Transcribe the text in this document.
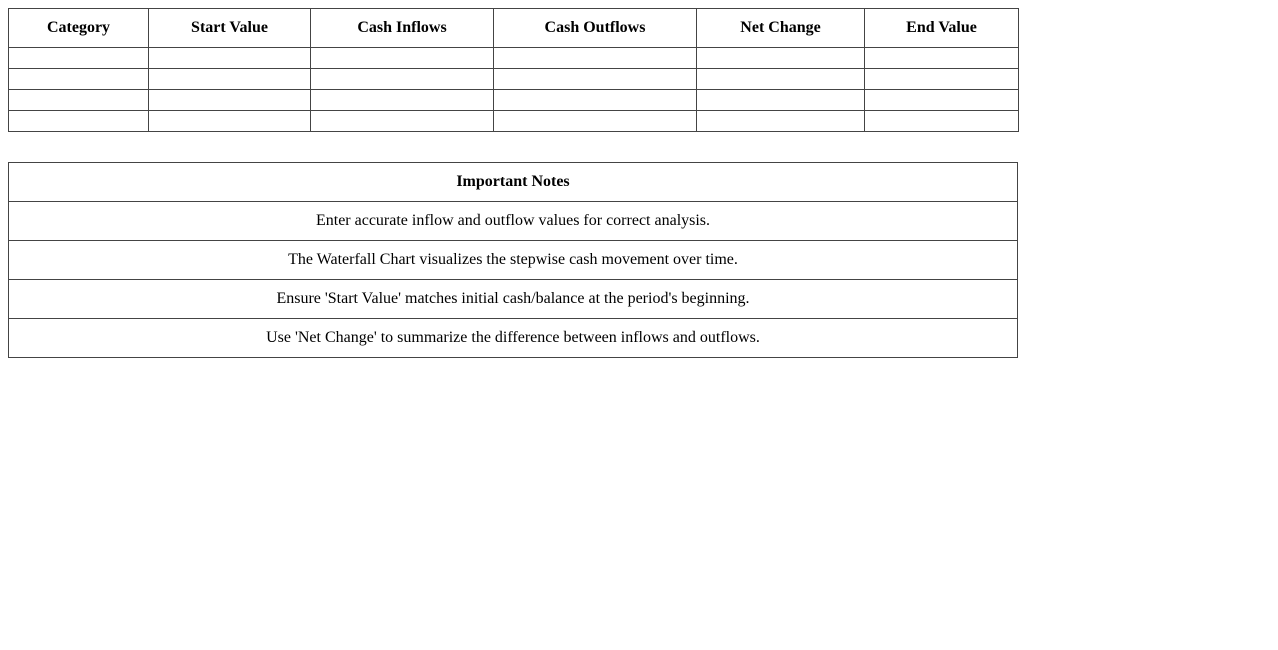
Category	Start Value	Cash Inflows	Cash Outflows	Net Change	End Value

Important Notes
Enter accurate inflow and outflow values for correct analysis.
The Waterfall Chart visualizes the stepwise cash movement over time.
Ensure 'Start Value' matches initial cash/balance at the period's beginning.
Use 'Net Change' to summarize the difference between inflows and outflows.
